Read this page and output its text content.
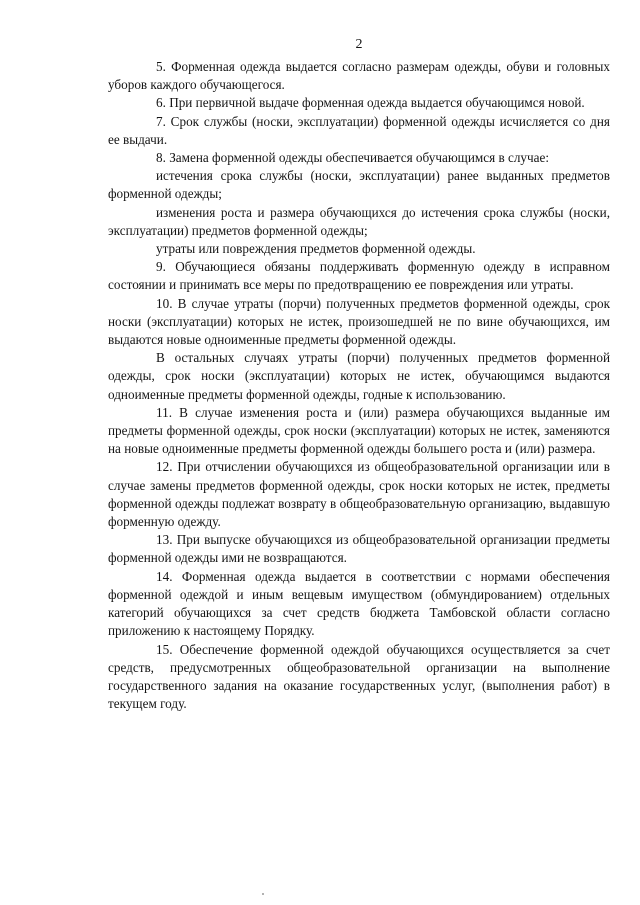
2

5. Форменная одежда выдается согласно размерам одежды, обуви и головных уборов каждого обучающегося.

6. При первичной выдаче форменная одежда выдается обучающимся новой.

7. Срок службы (носки, эксплуатации) форменной одежды исчисляется со дня ее выдачи.

8. Замена форменной одежды обеспечивается обучающимся в случае:

истечения срока службы (носки, эксплуатации) ранее выданных предметов форменной одежды;

изменения роста и размера обучающихся до истечения срока службы (носки, эксплуатации) предметов форменной одежды;

утраты или повреждения предметов форменной одежды.

9. Обучающиеся обязаны поддерживать форменную одежду в исправном состоянии и принимать все меры по предотвращению ее повреждения или утраты.

10. В случае утраты (порчи) полученных предметов форменной одежды, срок носки (эксплуатации) которых не истек, произошедшей не по вине обучающихся, им выдаются новые одноименные предметы форменной одежды.

В остальных случаях утраты (порчи) полученных предметов форменной одежды, срок носки (эксплуатации) которых не истек, обучающимся выдаются одноименные предметы форменной одежды, годные к использованию.

11. В случае изменения роста и (или) размера обучающихся выданные им предметы форменной одежды, срок носки (эксплуатации) которых не истек, заменяются на новые одноименные предметы форменной одежды большего роста и (или) размера.

12. При отчислении обучающихся из общеобразовательной организации или в случае замены предметов форменной одежды, срок носки которых не истек, предметы форменной одежды подлежат возврату в общеобразовательную организацию, выдавшую форменную одежду.

13. При выпуске обучающихся из общеобразовательной организации предметы форменной одежды ими не возвращаются.

14. Форменная одежда выдается в соответствии с нормами обеспечения форменной одеждой и иным вещевым имуществом (обмундированием) отдельных категорий обучающихся за счет средств бюджета Тамбовской области согласно приложению к настоящему Порядку.

15. Обеспечение форменной одеждой обучающихся осуществляется за счет средств, предусмотренных общеобразовательной организации на выполнение государственного задания на оказание государственных услуг, (выполнения работ) в текущем году.
